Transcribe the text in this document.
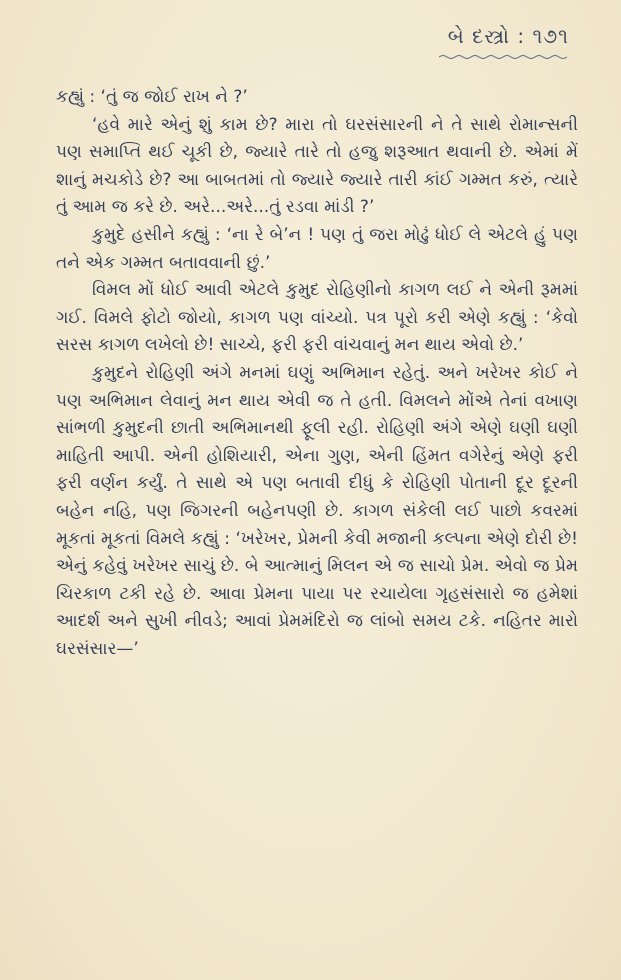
બે દસ્ત્રો : ૧૭૧

કહ્યું : ‘તું જ જોઈ રાખ ને ?’

‘હવે મારે એનું શું કામ છે? મારા તો ઘરસંસારની ને તે સાથે રોમાન્સની પણ સમાપ્તિ થઈ ચૂકી છે, જ્યારે તારે તો હજુ શરૂઆત થવાની છે. એમાં મેં શાનું મચકોડે છે? આ બાબતમાં તો જ્યારે જ્યારે તારી કાંઈ ગમ્મત કરું, ત્યારે તું આમ જ કરે છે. અરે...અરે...તું રડવા માંડી ?’

કુમુદે હસીને કહ્યું : ‘ના રે બે’ન ! પણ તું જરા મોઢું ધોઈ લે એટલે હું પણ તને એક ગમ્મત બતાવવાની છું.’

વિમલ મોં ધોઈ આવી એટલે કુમુદ રોહિણીનો કાગળ લઈ ને એની રૂમમાં ગઈ. વિમલે ફોટો જોયો, કાગળ પણ વાંચ્યો. પત્ર પૂરો કરી એણે કહ્યું : ‘કેવો સરસ કાગળ લખેલો છે! સાચ્ચે, ફરી ફરી વાંચવાનું મન થાય એવો છે.’

કુમુદને રોહિણી અંગે મનમાં ઘણું અભિમાન રહેતું. અને ખરેખર કોઈ ને પણ અભિમાન લેવાનું મન થાય એવી જ તે હતી. વિમલને મોંએ તેનાં વખાણ સાંભળી કુમુદની છાતી અભિમાનથી ફૂલી રહી. રોહિણી અંગે એણે ઘણી ઘણી માહિતી આપી. એની હોશિયારી, એના ગુણ, એની હિંમત વગેરેનું એણે ફરી ફરી વર્ણન કર્યું. તે સાથે એ પણ બતાવી દીધું કે રોહિણી પોતાની દૂર દૂરની બહેન નહિ, પણ જિગરની બહેનપણી છે. કાગળ સંકેલી લઈ પાછો કવરમાં મૂકતાં મૂકતાં વિમલે કહ્યું : ‘ખરેખર, પ્રેમની કેવી મજાની કલ્પના એણે દોરી છે! એનું કહેવું ખરેખર સાચું છે. બે આત્માનું મિલન એ જ સાચો પ્રેમ. એવો જ પ્રેમ ચિરકાળ ટકી રહે છે. આવા પ્રેમના પાયા પર રચાયેલા ગૃહસંસારો જ હમેશાં આદર્શ અને સુખી નીવડે; આવાં પ્રેમમંદિરો જ લાંબો સમય ટકે. નહિતર મારો ઘરસંસાર—’
